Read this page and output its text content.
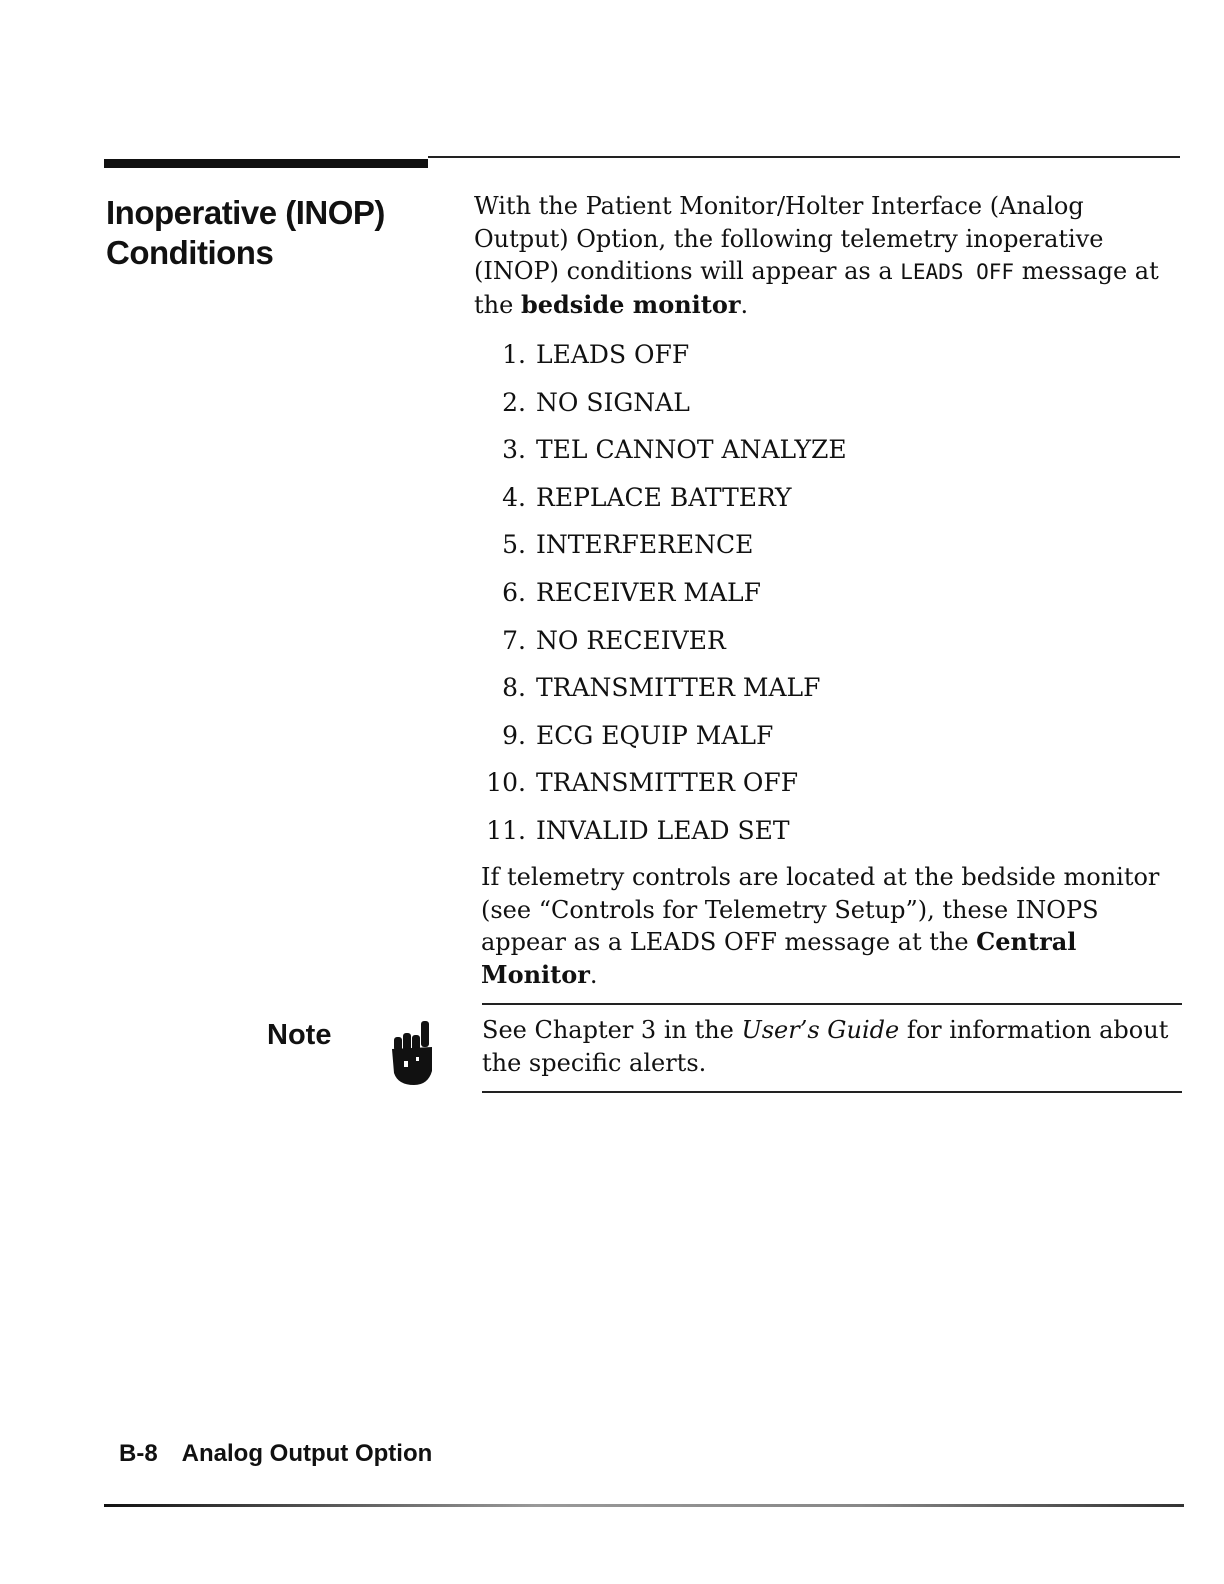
Inoperative (INOP)
Conditions

With the Patient Monitor/Holter Interface (Analog Output) Option, the following telemetry inoperative (INOP) conditions will appear as a LEADS OFF message at the bedside monitor.

1. LEADS OFF
2. NO SIGNAL
3. TEL CANNOT ANALYZE
4. REPLACE BATTERY
5. INTERFERENCE
6. RECEIVER MALF
7. NO RECEIVER
8. TRANSMITTER MALF
9. ECG EQUIP MALF
10. TRANSMITTER OFF
11. INVALID LEAD SET

If telemetry controls are located at the bedside monitor (see “Controls for Telemetry Setup”), these INOPS appear as a LEADS OFF message at the Central Monitor.

Note	See Chapter 3 in the User’s Guide for information about the specific alerts.

B-8 Analog Output Option
